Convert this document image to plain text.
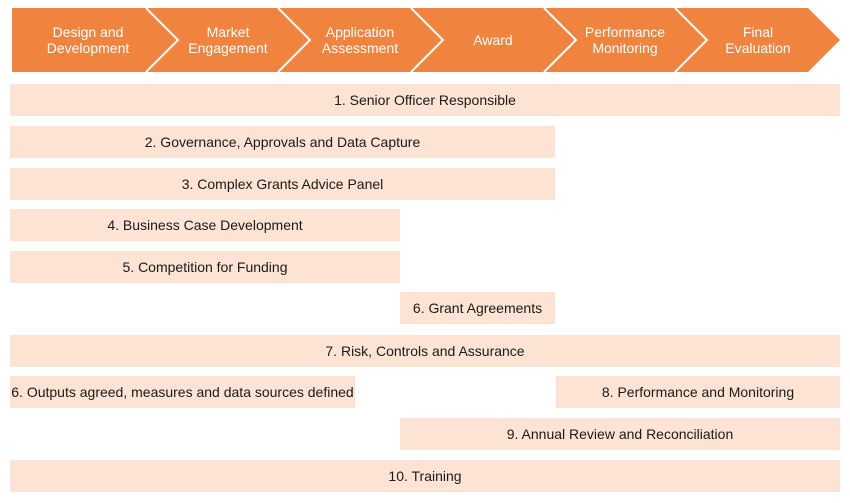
Design and
Development
Market
Engagement
Application
Assessment	Award	Performance
Monitoring
Final
Evaluation
1. Senior Officer Responsible
2. Governance, Approvals and Data Capture
3. Complex Grants Advice Panel
4. Business Case Development
5. Competition for Funding
6. Grant Agreements
7. Risk, Controls and Assurance
6. Outputs agreed, measures and data sources defined	8. Performance and Monitoring
9. Annual Review and Reconciliation
10. Training
